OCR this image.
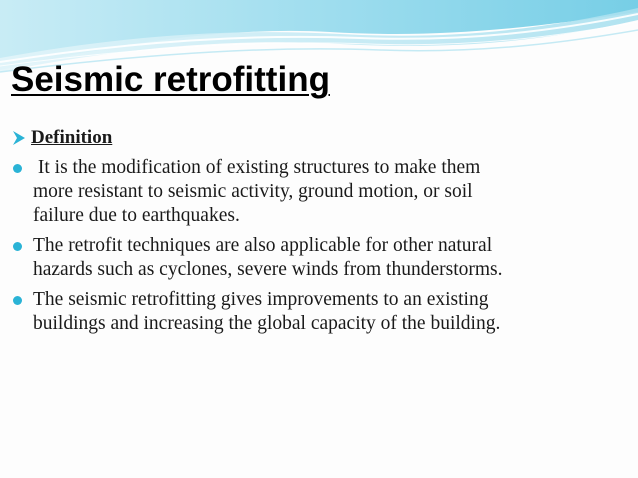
Seismic retrofitting
Definition
It is the modification of existing structures to make them
more resistant to seismic activity, ground motion, or soil
failure due to earthquakes.
The retrofit techniques are also applicable for other natural
hazards such as cyclones, severe winds from thunderstorms.
The seismic retrofitting gives improvements to an existing
buildings and increasing the global capacity of the building.
